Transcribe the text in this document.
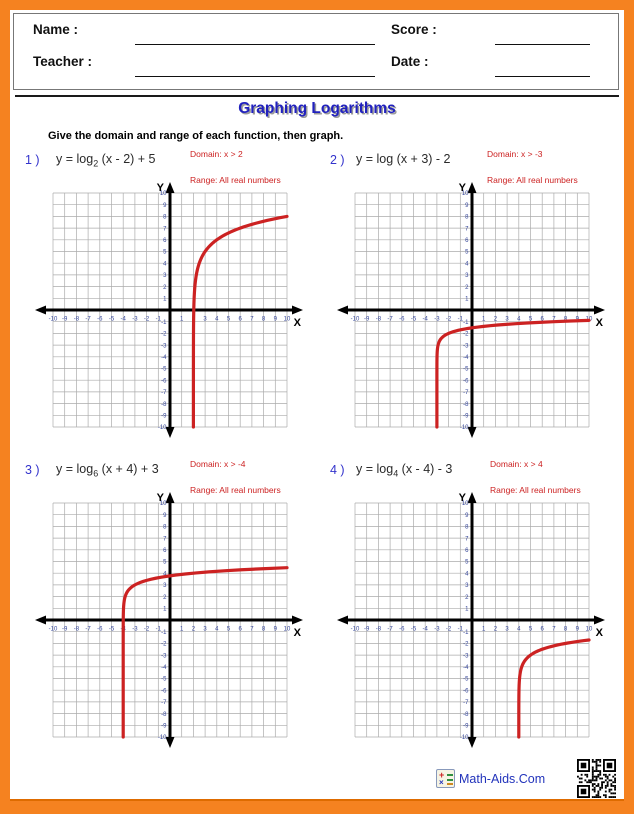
Name :
Teacher :
Score :
Date :
Graphing Logarithms
Give the domain and range of each function, then graph.
1 ) $y = \log_2 (x - 2) + 5$	Domain: x > 2
Range: All real numbers
Y
X
-10
-10
-9
-9
-8
-8
-7
-7
-6
-6
-5
-5
-4
-4
-3
-3
-2
-2
-1
-1
1
1
2
2
3
3
4
4
5
5
6
6
7
7
8
8
9
9
10
10
2 ) y = log (x + 3) - 2	Domain: x > -3
Range: All real numbers
Y
X
-10
-10
-9
-9
-8
-8
-7
-7
-6
-6
-5
-5
-4
-4
-3
-3
-2
-2
-1
-1
1
1
2
2
3
3
4
4
5
5
6
6
7
7
8
8
9
9
10
10
3 ) $y = \log_6 (x + 4) + 3$	Domain: x > -4
Range: All real numbers
Y
X
-10
-10
-9
-9
-8
-8
-7
-7
-6
-6
-5
-5
-4
-4
-3
-3
-2
-2
-1
-1
1
1
2
2
3
3
4
4
5
5
6
6
7
7
8
8
9
9
10
10
4 ) $y = \log_4 (x - 4) - 3$	Domain: x > 4
Range: All real numbers
Y
X
-10
-10
-9
-9
-8
-8
-7
-7
-6
-6
-5
-5
-4
-4
-3
-3
-2
-2
-1
-1
1
1
2
2
3
3
4
4
5
5
6
6
7
7
8
8
9
9
10
10
+
× Math-Aids.Com
